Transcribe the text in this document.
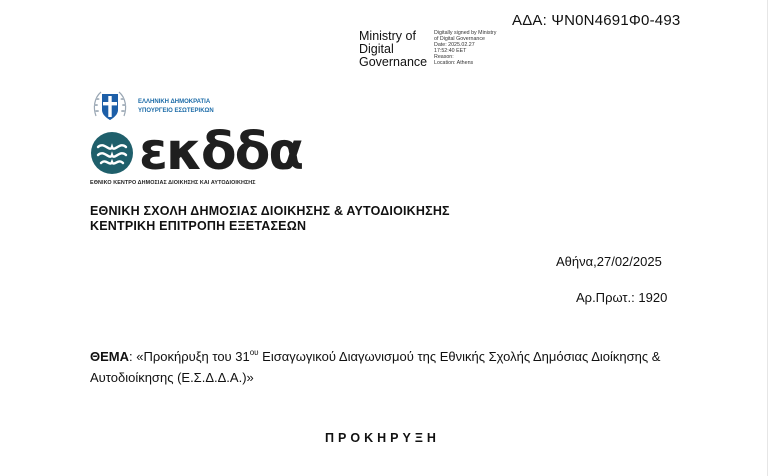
ΑΔΑ: ΨΝ0Ν4691Φ0-493
Ministry of
Digital
Governance
Digitally signed by Ministry
of Digital Governance
Date: 2025.02.27
17:52:40 EET
Reason:
Location: Athens
ΕΛΛΗΝΙΚΗ ΔΗΜΟΚΡΑΤΙΑ
ΥΠΟΥΡΓΕΙΟ ΕΣΩΤΕΡΙΚΩΝ
εκδδα
ΕΘΝΙΚΟ ΚΕΝΤΡΟ ΔΗΜΟΣΙΑΣ ΔΙΟΙΚΗΣΗΣ ΚΑΙ ΑΥΤΟΔΙΟΙΚΗΣΗΣ
ΕΘΝΙΚΗ ΣΧΟΛΗ ΔΗΜΟΣΙΑΣ ΔΙΟΙΚΗΣΗΣ & ΑΥΤΟΔΙΟΙΚΗΣΗΣ
ΚΕΝΤΡΙΚΗ ΕΠΙΤΡΟΠΗ ΕΞΕΤΑΣΕΩΝ
Αθήνα,27/02/2025
Αρ.Πρωτ.: 1920
ΘΕΜΑ: «Προκήρυξη του $31^{o\upsilon}$ Εισαγωγικού Διαγωνισμού της Εθνικής Σχολής Δημόσιας Διοίκησης & Αυτοδιοίκησης (Ε.Σ.Δ.Δ.Α.)»
ΠΡΟΚΗΡΥΞΗ
